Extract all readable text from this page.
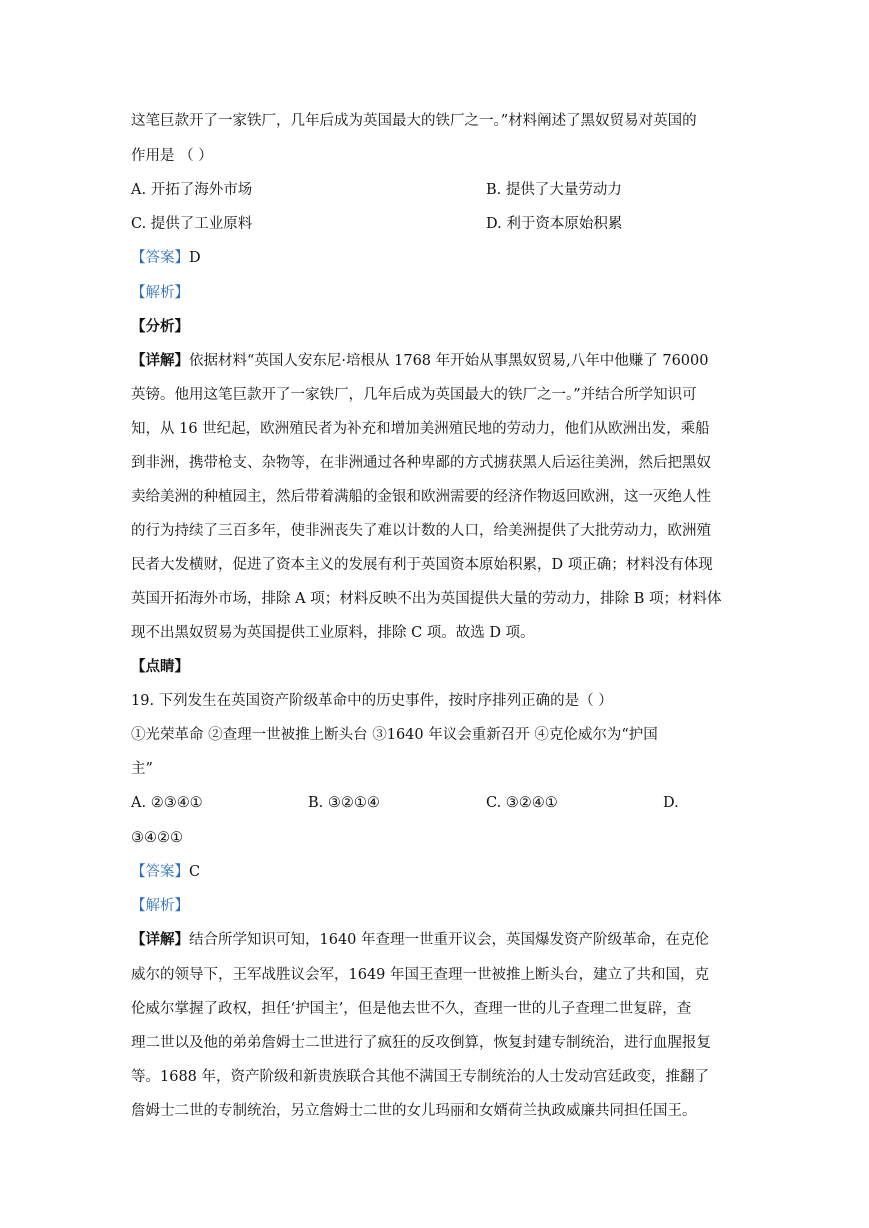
这笔巨款开了一家铁厂，几年后成为英国最大的铁厂之一。”材料阐述了黑奴贸易对英国的
作用是 （ ）
A. 开拓了海外市场	B. 提供了大量劳动力
C. 提供了工业原料	D. 利于资本原始积累
【答案】D
【解析】
【分析】
【详解】依据材料“英国人安东尼·培根从 1768 年开始从事黑奴贸易,八年中他赚了 76000
英镑。他用这笔巨款开了一家铁厂，几年后成为英国最大的铁厂之一。”并结合所学知识可
知，从 16 世纪起，欧洲殖民者为补充和增加美洲殖民地的劳动力，他们从欧洲出发，乘船
到非洲，携带枪支、杂物等，在非洲通过各种卑鄙的方式掳获黑人后运往美洲，然后把黑奴
卖给美洲的种植园主，然后带着满船的金银和欧洲需要的经济作物返回欧洲，这一灭绝人性
的行为持续了三百多年，使非洲丧失了难以计数的人口，给美洲提供了大批劳动力，欧洲殖
民者大发横财，促进了资本主义的发展有利于英国资本原始积累，D 项正确；材料没有体现
英国开拓海外市场，排除 A 项；材料反映不出为英国提供大量的劳动力，排除 B 项；材料体
现不出黑奴贸易为英国提供工业原料，排除 C 项。故选 D 项。
【点睛】
19. 下列发生在英国资产阶级革命中的历史事件，按时序排列正确的是（ ）
①光荣革命 ②查理一世被推上断头台 ③1640 年议会重新召开 ④克伦威尔为“护国
主”
A. ②③④①	B. ③②①④	C. ③②④①	D.
③④②①
【答案】C
【解析】
【详解】结合所学知识可知，1640 年查理一世重开议会，英国爆发资产阶级革命，在克伦
威尔的领导下，王军战胜议会军，1649 年国王查理一世被推上断头台，建立了共和国，克
伦威尔掌握了政权，担任‘护国主’，但是他去世不久，查理一世的儿子查理二世复辟，查
理二世以及他的弟弟詹姆士二世进行了疯狂的反攻倒算，恢复封建专制统治，进行血腥报复
等。1688 年，资产阶级和新贵族联合其他不满国王专制统治的人士发动宫廷政变，推翻了
詹姆士二世的专制统治，另立詹姆士二世的女儿玛丽和女婿荷兰执政威廉共同担任国王。
